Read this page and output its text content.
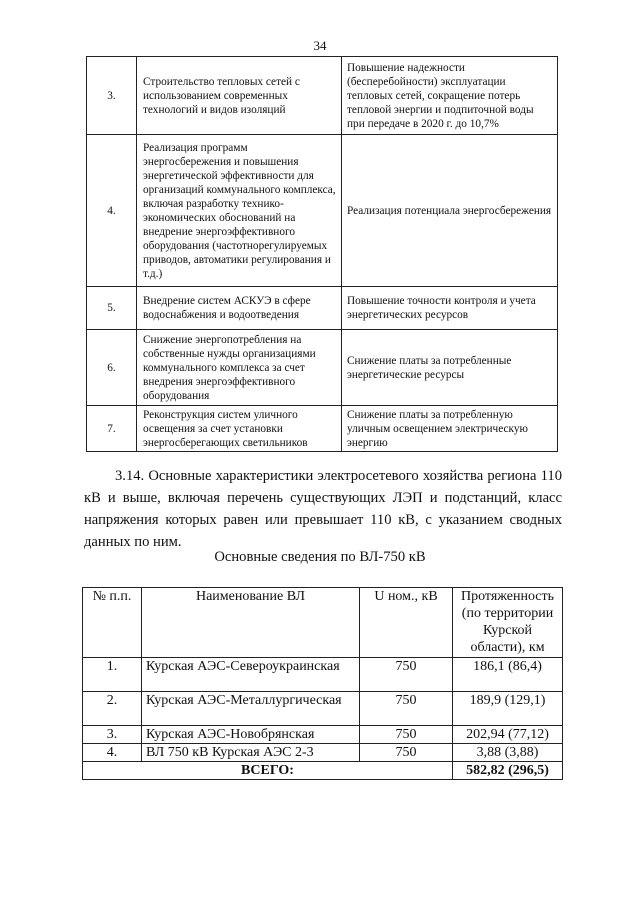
34
3.	Строительство тепловых сетей с использованием современных технологий и видов изоляций	Повышение надежности (бесперебойности) эксплуатации тепловых сетей, сокращение потерь тепловой энергии и подпиточной воды при передаче в 2020 г. до 10,7%
4.	Реализация программ энергосбережения и повышения энергетической эффективности для организаций коммунального комплекса, включая разработку технико-экономических обоснований на внедрение энергоэффективного оборудования (частотнорегулируемых приводов, автоматики регулирования и т.д.)	Реализация потенциала энергосбережения
5.	Внедрение систем АСКУЭ в сфере водоснабжения и водоотведения	Повышение точности контроля и учета энергетических ресурсов
6.	Снижение энергопотребления на собственные нужды организациями коммунального комплекса за счет внедрения энергоэффективного оборудования	Снижение платы за потребленные энергетические ресурсы
7.	Реконструкция систем уличного освещения за счет установки энергосберегающих светильников	Снижение платы за потребленную уличным освещением электрическую энергию

3.14. Основные характеристики электросетевого хозяйства региона 110 кВ и выше, включая перечень существующих ЛЭП и подстанций, класс напряжения которых равен или превышает 110 кВ, с указанием сводных данных по ним.

Основные сведения по ВЛ-750 кВ
№ п.п.	Наименование ВЛ	U ном., кВ	Протяженность (по территории Курской области), км
1.	Курская АЭС-Североукраинская	750	186,1 (86,4)
2.	Курская АЭС-Металлургическая	750	189,9 (129,1)
3.	Курская АЭС-Новобрянская	750	202,94 (77,12)
4.	ВЛ 750 кВ Курская АЭС 2-3	750	3,88 (3,88)
ВСЕГО:			582,82 (296,5)
